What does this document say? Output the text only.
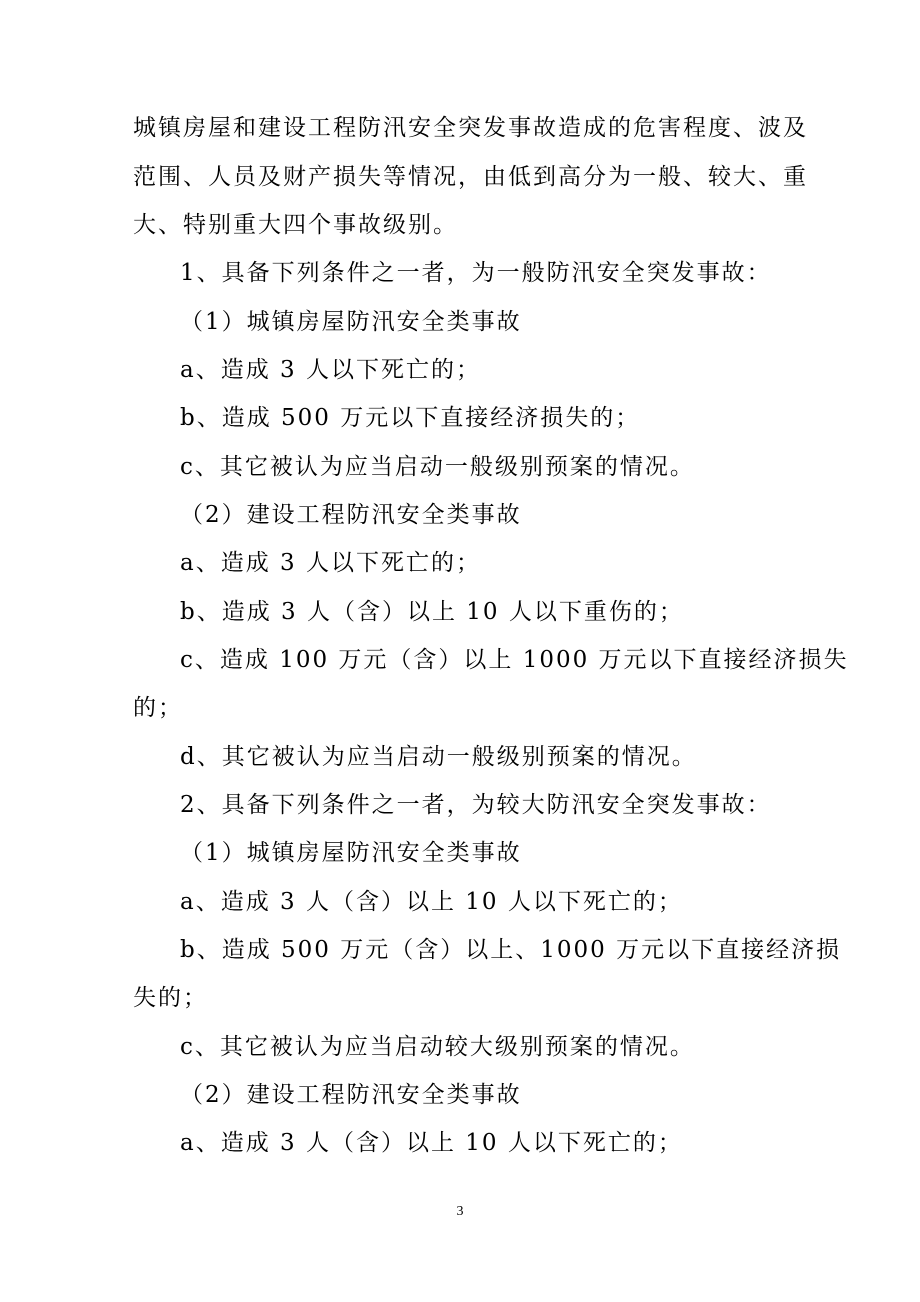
城镇房屋和建设工程防汛安全突发事故造成的危害程度、波及
范围、人员及财产损失等情况，由低到高分为一般、较大、重
大、特别重大四个事故级别。
1、具备下列条件之一者，为一般防汛安全突发事故：
（1）城镇房屋防汛安全类事故
a、造成 3 人以下死亡的；
b、造成 500 万元以下直接经济损失的；
c、其它被认为应当启动一般级别预案的情况。
（2）建设工程防汛安全类事故
a、造成 3 人以下死亡的；
b、造成 3 人（含）以上 10 人以下重伤的；
c、造成 100 万元（含）以上 1000 万元以下直接经济损失
的；
d、其它被认为应当启动一般级别预案的情况。
2、具备下列条件之一者，为较大防汛安全突发事故：
（1）城镇房屋防汛安全类事故
a、造成 3 人（含）以上 10 人以下死亡的；
b、造成 500 万元（含）以上、1000 万元以下直接经济损
失的；
c、其它被认为应当启动较大级别预案的情况。
（2）建设工程防汛安全类事故
a、造成 3 人（含）以上 10 人以下死亡的；
3
